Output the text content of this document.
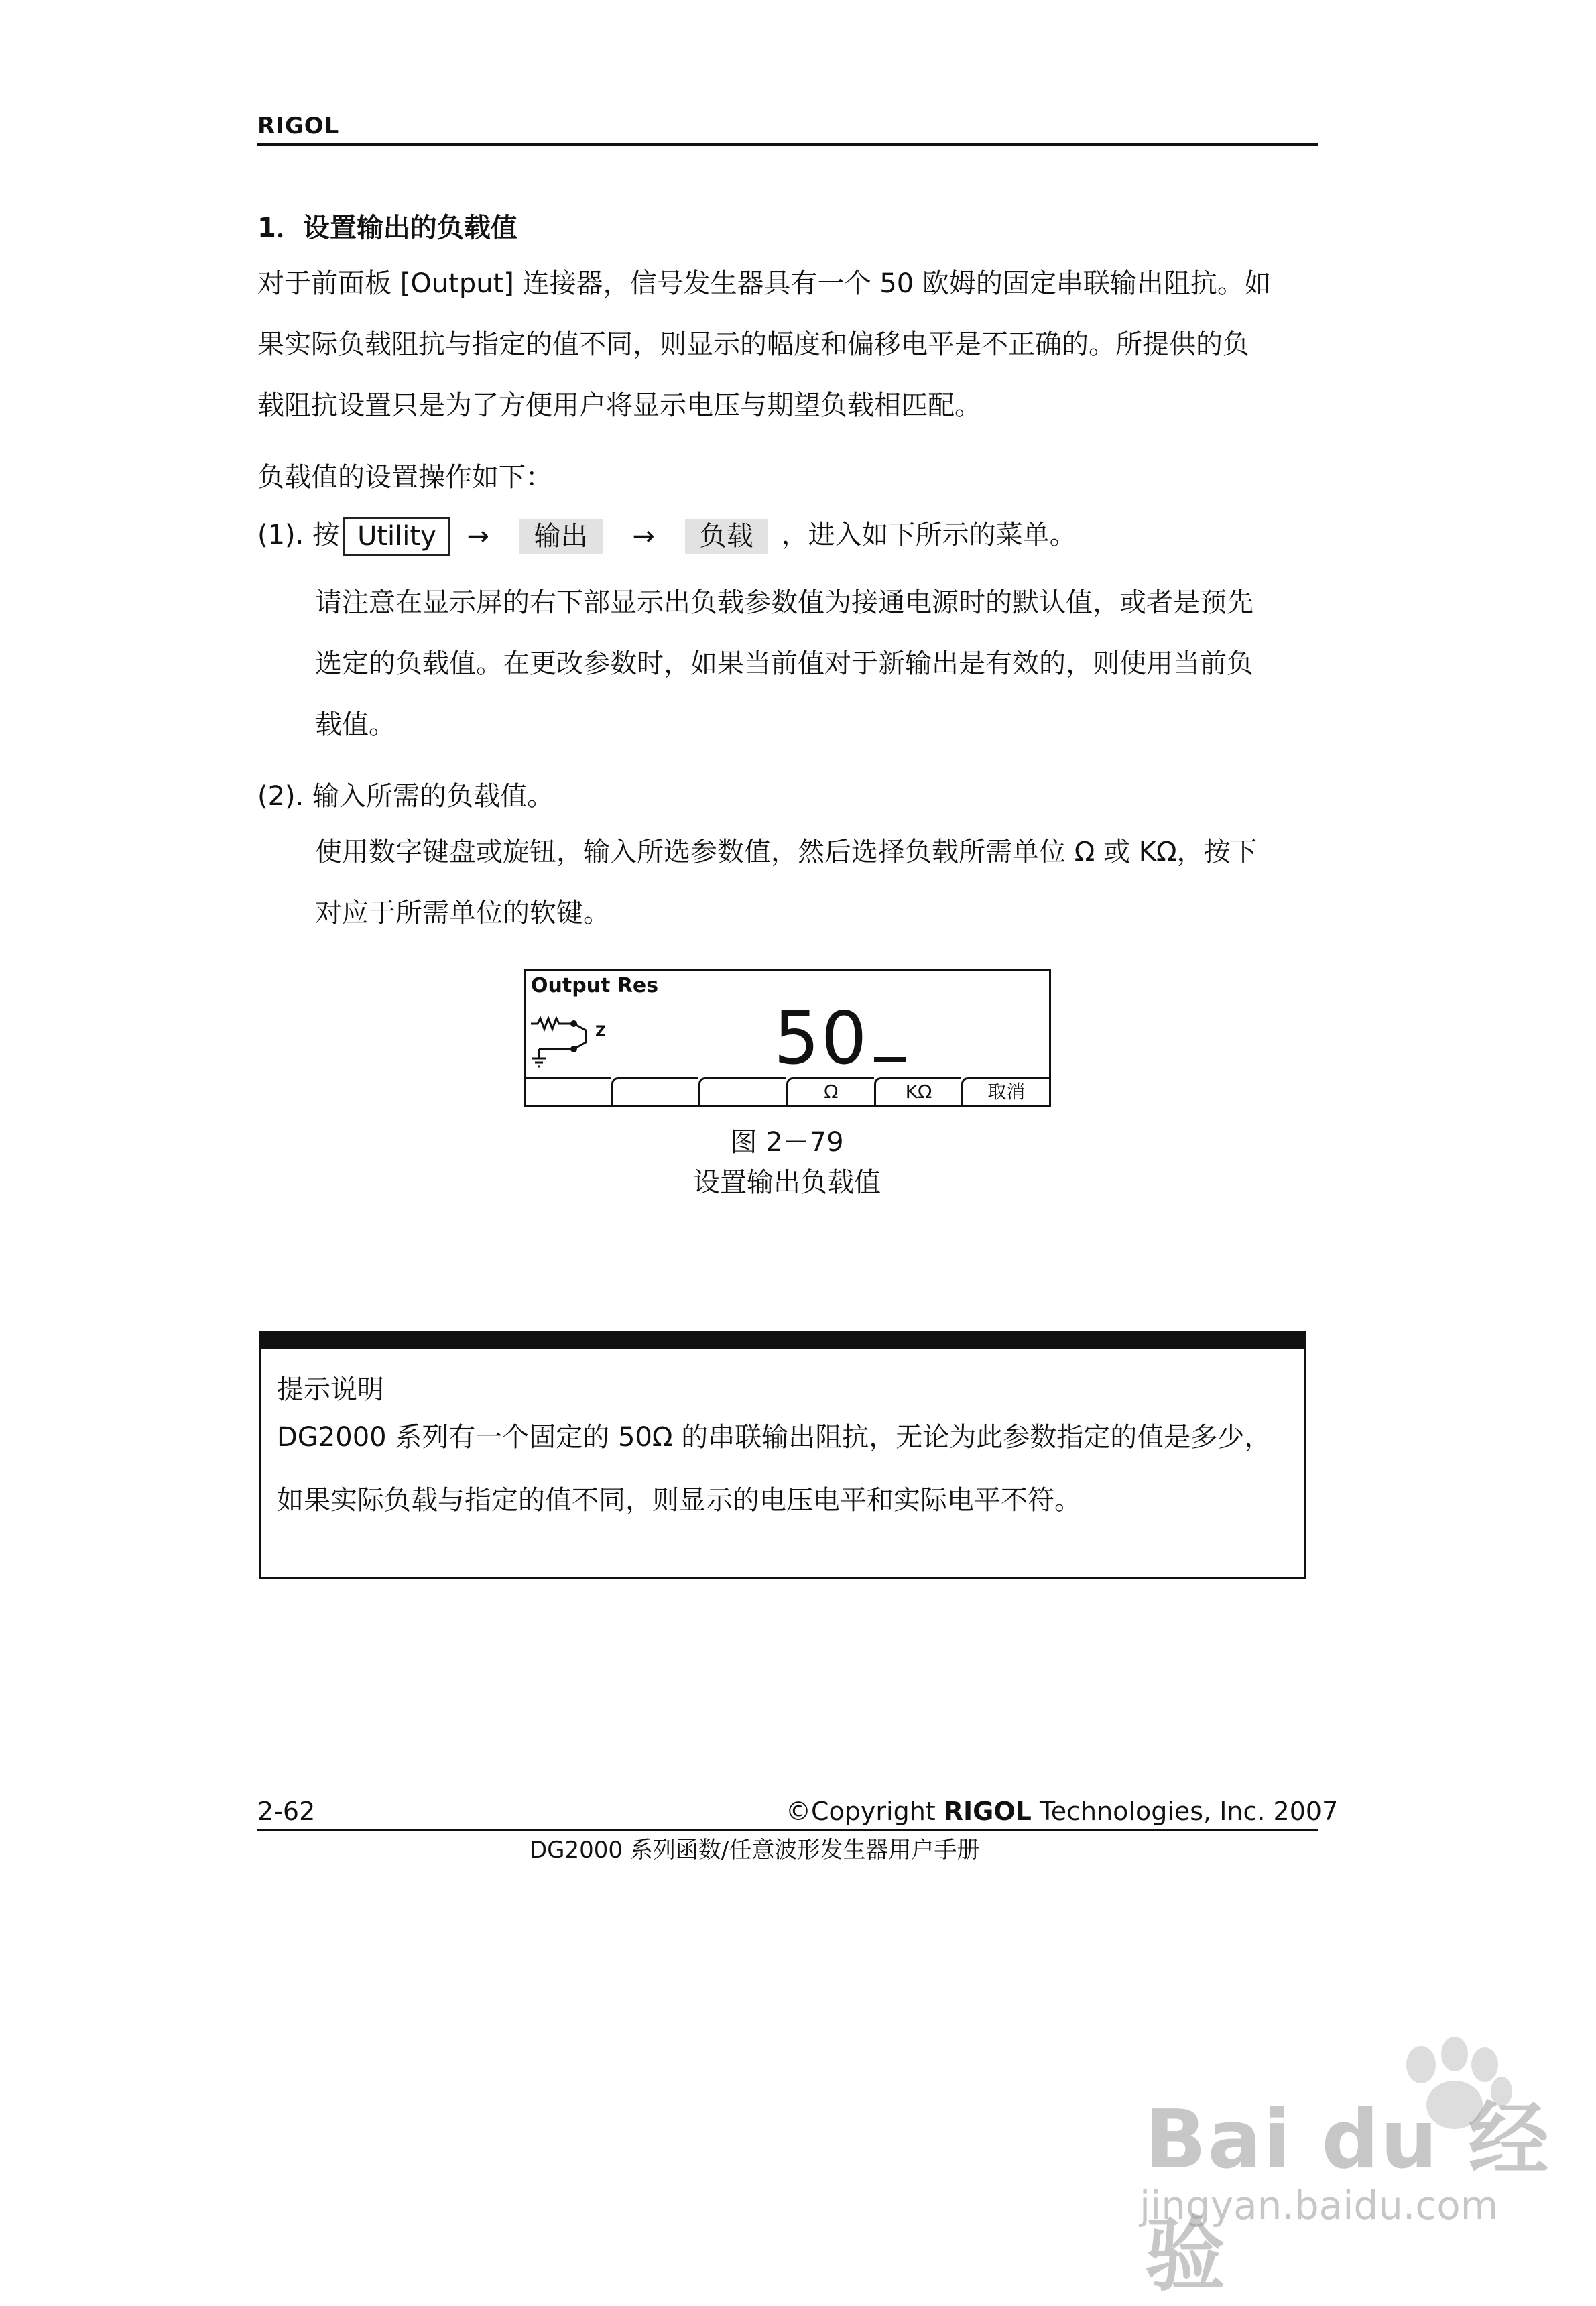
RIGOL
1．设置输出的负载值

对于前面板 [Output] 连接器，信号发生器具有一个 50 欧姆的固定串联输出阻抗。如

果实际负载阻抗与指定的值不同，则显示的幅度和偏移电平是不正确的。所提供的负

载阻抗设置只是为了方便用户将显示电压与期望负载相匹配。

负载值的设置操作如下：
(1). 按 Utility → 输出 → 负载 ，进入如下所示的菜单。

请注意在显示屏的右下部显示出负载参数值为接通电源时的默认值，或者是预先

选定的负载值。在更改参数时，如果当前值对于新输出是有效的，则使用当前负

载值。

(2). 输入所需的负载值。

使用数字键盘或旋钮，输入所选参数值，然后选择负载所需单位 Ω 或 KΩ，按下

对应于所需单位的软键。

Output Res
Z 50
Ω	KΩ	取消
图 2－79
设置输出负载值
提示说明

DG2000 系列有一个固定的 50Ω 的串联输出阻抗，无论为此参数指定的值是多少，

如果实际负载与指定的值不同，则显示的电压电平和实际电平不符。

2-62	©Copyright RIGOL Technologies, Inc. 2007
DG2000 系列函数/任意波形发生器用户手册
Bai du 经验
jingyan.baidu.com
